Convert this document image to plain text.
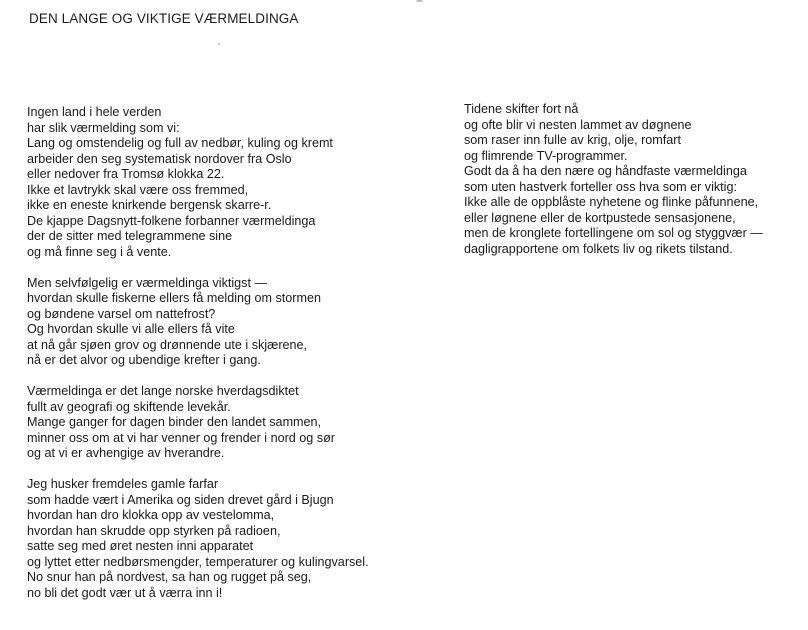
DEN LANGE OG VIKTIGE VÆRMELDINGA
Ingen land i hele verden
har slik værmelding som vi:
Lang og omstendelig og full av nedbør, kuling og kremt
arbeider den seg systematisk nordover fra Oslo
eller nedover fra Tromsø klokka 22.
Ikke et lavtrykk skal være oss fremmed,
ikke en eneste knirkende bergensk skarre-r.
De kjappe Dagsnytt-folkene forbanner værmeldinga
der de sitter med telegrammene sine
og må finne seg i å vente.
Men selvfølgelig er værmeldinga viktigst —
hvordan skulle fiskerne ellers få melding om stormen
og bøndene varsel om nattefrost?
Og hvordan skulle vi alle ellers få vite
at nå går sjøen grov og drønnende ute i skjærene,
nå er det alvor og ubendige krefter i gang.
Værmeldinga er det lange norske hverdagsdiktet
fullt av geografi og skiftende levekår.
Mange ganger for dagen binder den landet sammen,
minner oss om at vi har venner og frender i nord og sør
og at vi er avhengige av hverandre.
Jeg husker fremdeles gamle farfar
som hadde vært i Amerika og siden drevet gård i Bjugn
hvordan han dro klokka opp av vestelomma,
hvordan han skrudde opp styrken på radioen,
satte seg med øret nesten inni apparatet
og lyttet etter nedbørsmengder, temperaturer og kulingvarsel.
No snur han på nordvest, sa han og rugget på seg,
no bli det godt vær ut å værra inn i!
Tidene skifter fort nå
og ofte blir vi nesten lammet av døgnene
som raser inn fulle av krig, olje, romfart
og flimrende TV-programmer.
Godt da å ha den nære og håndfaste værmeldinga
som uten hastverk forteller oss hva som er viktig:
Ikke alle de oppblåste nyhetene og flinke påfunnene,
eller løgnene eller de kortpustede sensasjonene,
men de kronglete fortellingene om sol og styggvær —
dagligrapportene om folkets liv og rikets tilstand.
